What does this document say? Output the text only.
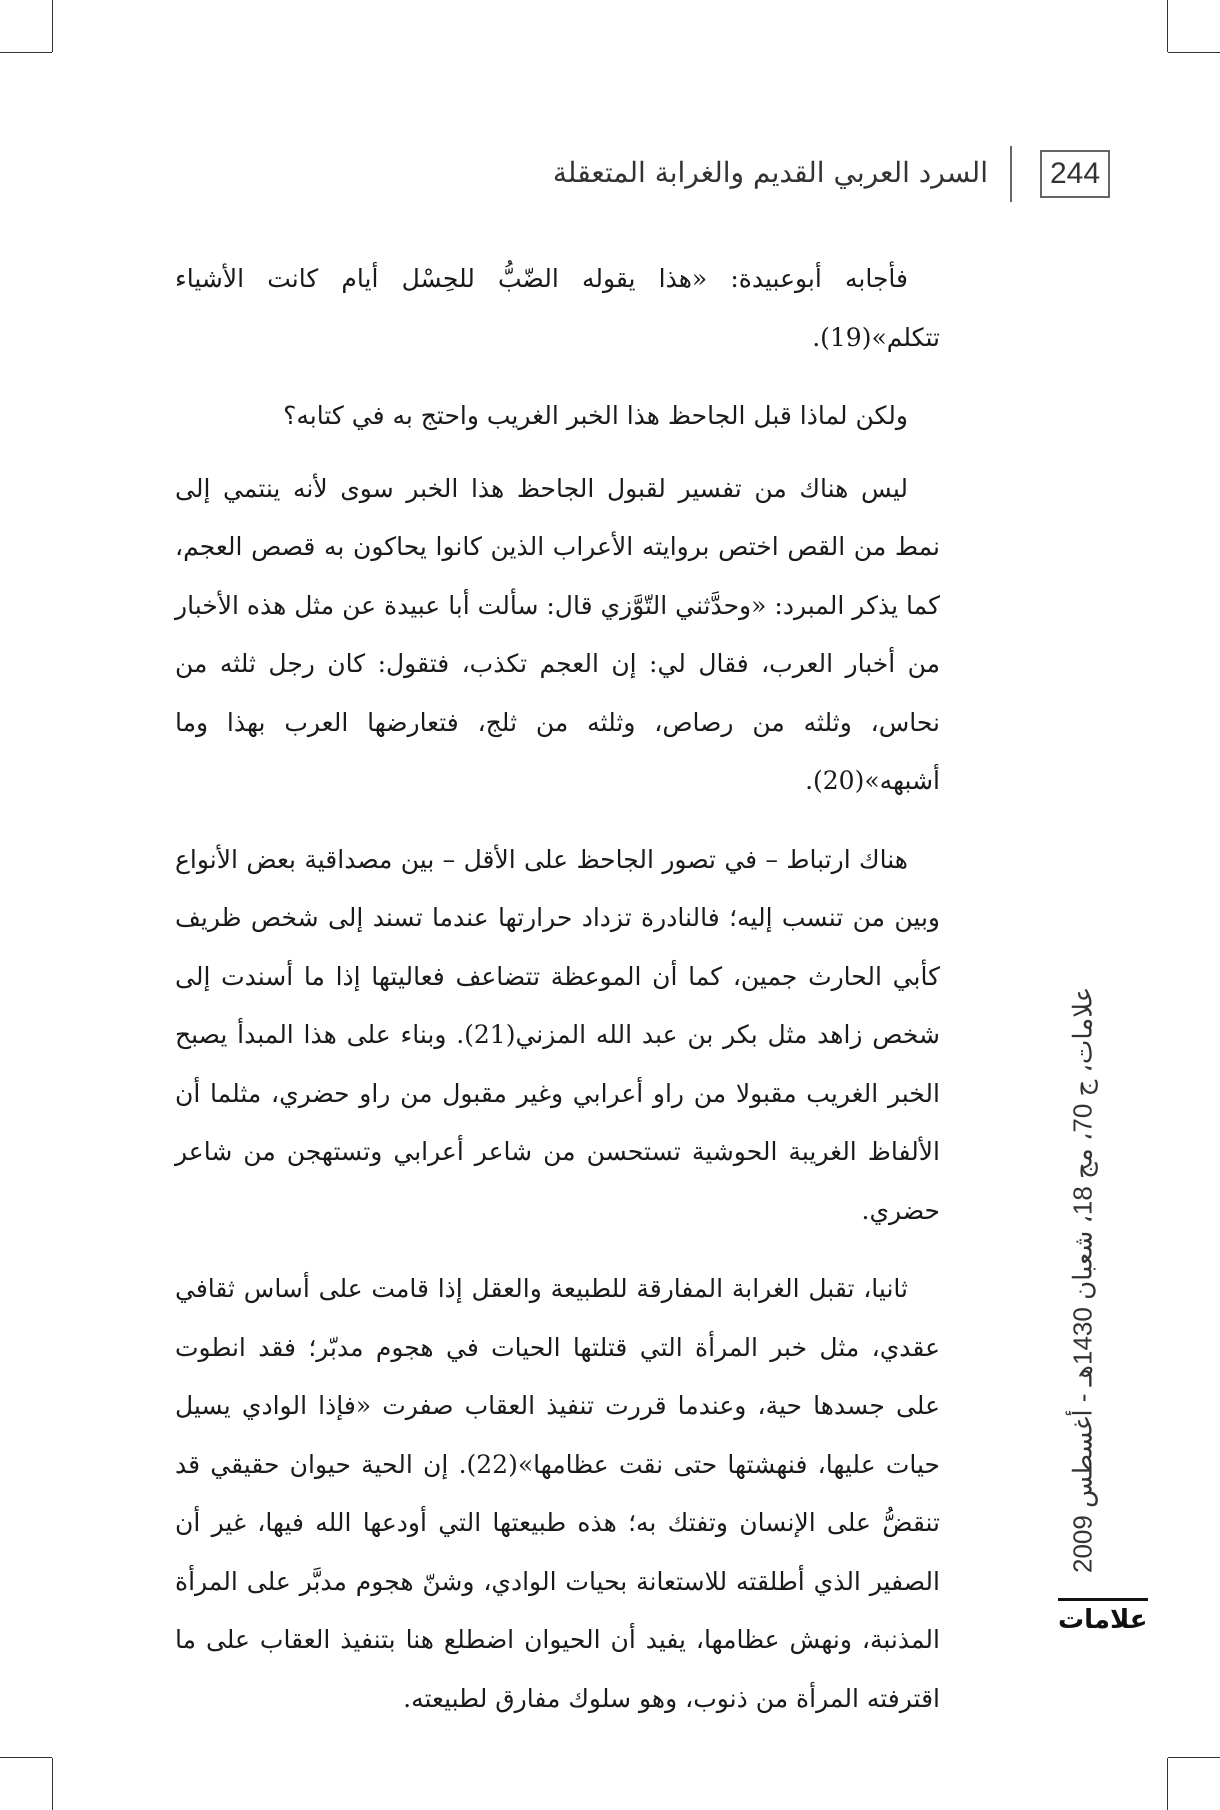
السرد العربي القديم والغرابة المتعقلة	244

فأجابه أبوعبيدة: «هذا يقوله الضّبُّ للحِسْل أيام كانت الأشياء تتكلم»(19).

ولكن لماذا قبل الجاحظ هذا الخبر الغريب واحتج به في كتابه؟

ليس هناك من تفسير لقبول الجاحظ هذا الخبر سوى لأنه ينتمي إلى نمط من القص اختص بروايته الأعراب الذين كانوا يحاكون به قصص العجم، كما يذكر المبرد: «وحدَّثني التّوَّزي قال: سألت أبا عبيدة عن مثل هذه الأخبار من أخبار العرب، فقال لي: إن العجم تكذب، فتقول: كان رجل ثلثه من نحاس، وثلثه من رصاص، وثلثه من ثلج، فتعارضها العرب بهذا وما أشبهه»(20).

هناك ارتباط – في تصور الجاحظ على الأقل – بين مصداقية بعض الأنواع وبين من تنسب إليه؛ فالنادرة تزداد حرارتها عندما تسند إلى شخص ظريف كأبي الحارث جمين، كما أن الموعظة تتضاعف فعاليتها إذا ما أسندت إلى شخص زاهد مثل بكر بن عبد الله المزني(21). وبناء على هذا المبدأ يصبح الخبر الغريب مقبولا من راو أعرابي وغير مقبول من راو حضري، مثلما أن الألفاظ الغريبة الحوشية تستحسن من شاعر أعرابي وتستهجن من شاعر حضري.

ثانيا، تقبل الغرابة المفارقة للطبيعة والعقل إذا قامت على أساس ثقافي عقدي، مثل خبر المرأة التي قتلتها الحيات في هجوم مدبّر؛ فقد انطوت على جسدها حية، وعندما قررت تنفيذ العقاب صفرت «فإذا الوادي يسيل حيات عليها، فنهشتها حتى نقت عظامها»(22). إن الحية حيوان حقيقي قد تنقضُّ على الإنسان وتفتك به؛ هذه طبيعتها التي أودعها الله فيها، غير أن الصفير الذي أطلقته للاستعانة بحيات الوادي، وشنّ هجوم مدبَّر على المرأة المذنبة، ونهش عظامها، يفيد أن الحيوان اضطلع هنا بتنفيذ العقاب على ما اقترفته المرأة من ذنوب، وهو سلوك مفارق لطبيعته.

علامات، ج 70، مج 18، شعبان 1430هـ - أغسطس 2009
علامات
